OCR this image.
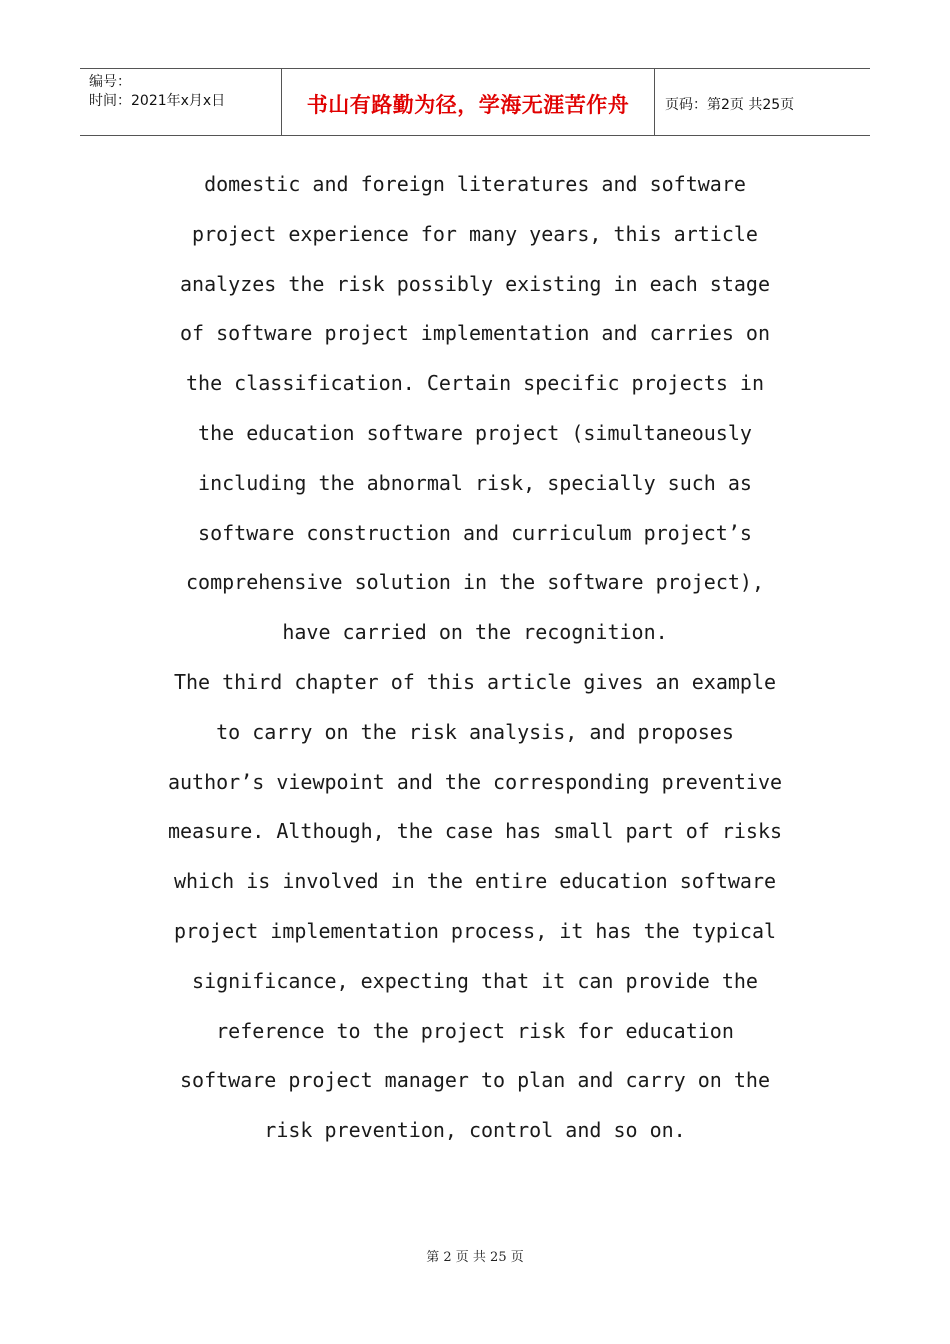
编号：
时间：2021年x月x日	书山有路勤为径，学海无涯苦作舟	页码：第2页 共25页
domestic and foreign literatures and software
project experience for many years, this article
analyzes the risk possibly existing in each stage
of software project implementation and carries on
the classification. Certain specific projects in
the education software project (simultaneously
including the abnormal risk, specially such as
software construction and curriculum project’s
comprehensive solution in the software project),
have carried on the recognition.
The third chapter of this article gives an example
to carry on the risk analysis, and proposes
author’s viewpoint and the corresponding preventive
measure. Although, the case has small part of risks
which is involved in the entire education software
project implementation process, it has the typical
significance, expecting that it can provide the
reference to the project risk for education
software project manager to plan and carry on the
risk prevention, control and so on.
第 2 页 共 25 页
